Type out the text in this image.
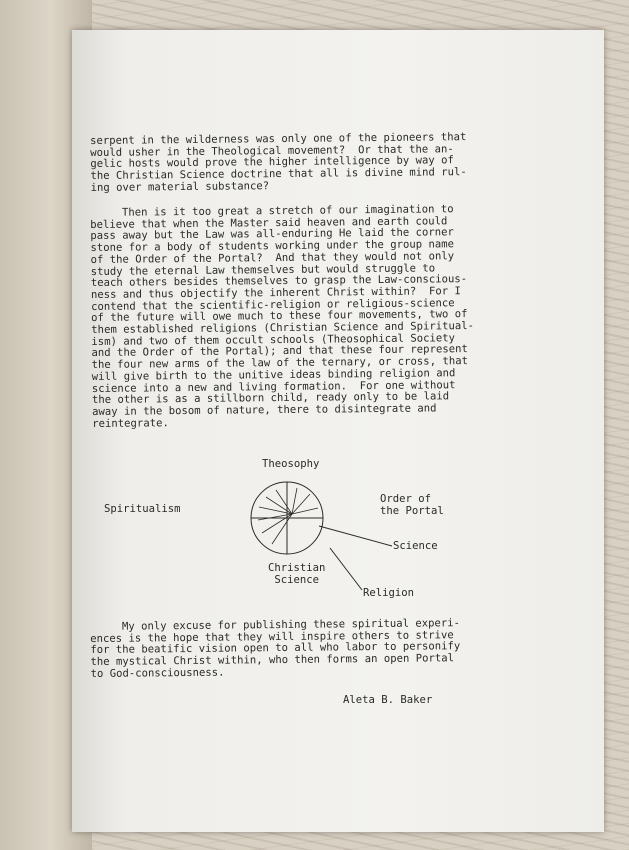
serpent in the wilderness was only one of the pioneers that
would usher in the Theological movement?  Or that the an-
gelic hosts would prove the higher intelligence by way of
the Christian Science doctrine that all is divine mind rul-
ing over material substance?
Then is it too great a stretch of our imagination to
believe that when the Master said heaven and earth could
pass away but the Law was all-enduring He laid the corner
stone for a body of students working under the group name
of the Order of the Portal?  And that they would not only
study the eternal Law themselves but would struggle to
teach others besides themselves to grasp the Law-conscious-
ness and thus objectify the inherent Christ within?  For I
contend that the scientific-religion or religious-science
of the future will owe much to these four movements, two of
them established religions (Christian Science and Spiritual-
ism) and two of them occult schools (Theosophical Society
and the Order of the Portal); and that these four represent
the four new arms of the law of the ternary, or cross, that
will give birth to the unitive ideas binding religion and
science into a new and living formation.  For one without
the other is as a stillborn child, ready only to be laid
away in the bosom of nature, there to disintegrate and
reintegrate.
Theosophy
Spiritualism
Order of
the Portal
Science
Christian
Science
Religion
My only excuse for publishing these spiritual experi-
ences is the hope that they will inspire others to strive
for the beatific vision open to all who labor to personify
the mystical Christ within, who then forms an open Portal
to God-consciousness.
Aleta B. Baker
